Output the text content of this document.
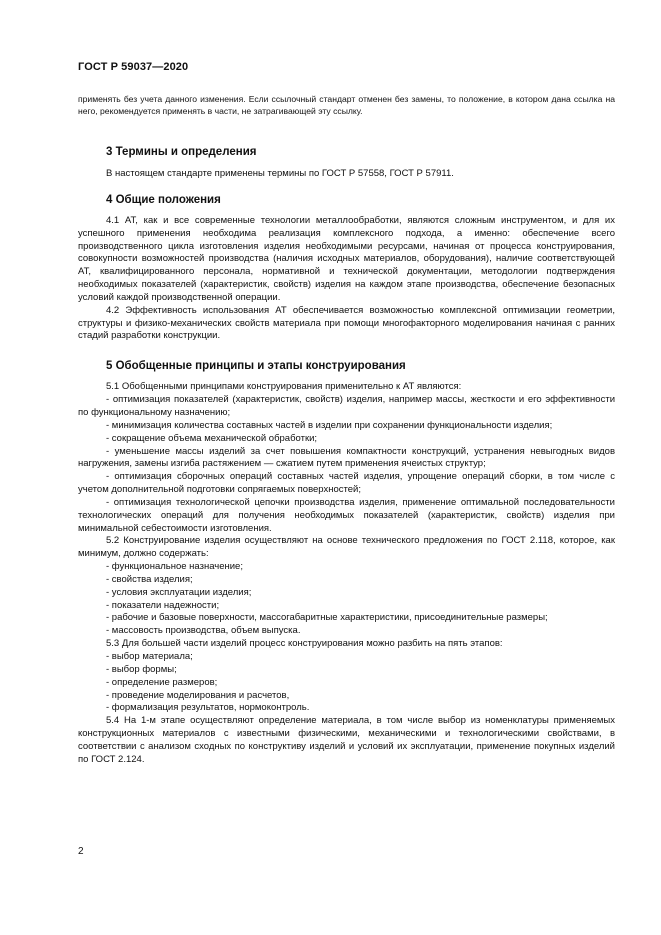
ГОСТ Р 59037—2020

применять без учета данного изменения. Если ссылочный стандарт отменен без замены, то положение, в котором дана ссылка на него, рекомендуется применять в части, не затрагивающей эту ссылку.

3 Термины и определения

В настоящем стандарте применены термины по ГОСТ Р 57558, ГОСТ Р 57911.

4 Общие положения

4.1 АТ, как и все современные технологии металлообработки, являются сложным инструментом, и для их успешного применения необходима реализация комплексного подхода, а именно: обеспечение всего производственного цикла изготовления изделия необходимыми ресурсами, начиная от процесса конструирования, совокупности возможностей производства (наличия исходных материалов, оборудования), наличие соответствующей АТ, квалифицированного персонала, нормативной и технической документации, методологии подтверждения необходимых показателей (характеристик, свойств) изделия на каждом этапе производства, обеспечение безопасных условий каждой производственной операции.

4.2 Эффективность использования АТ обеспечивается возможностью комплексной оптимизации геометрии, структуры и физико-механических свойств материала при помощи многофакторного моделирования начиная с ранних стадий разработки конструкции.

5 Обобщенные принципы и этапы конструирования

5.1 Обобщенными принципами конструирования применительно к АТ являются:

- оптимизация показателей (характеристик, свойств) изделия, например массы, жесткости и его эффективности по функциональному назначению;

- минимизация количества составных частей в изделии при сохранении функциональности изделия;

- сокращение объема механической обработки;

- уменьшение массы изделий за счет повышения компактности конструкций, устранения невыгодных видов нагружения, замены изгиба растяжением — сжатием путем применения ячеистых структур;

- оптимизация сборочных операций составных частей изделия, упрощение операций сборки, в том числе с учетом дополнительной подготовки сопрягаемых поверхностей;

- оптимизация технологической цепочки производства изделия, применение оптимальной последовательности технологических операций для получения необходимых показателей (характеристик, свойств) изделия при минимальной себестоимости изготовления.

5.2 Конструирование изделия осуществляют на основе технического предложения по ГОСТ 2.118, которое, как минимум, должно содержать:

- функциональное назначение;

- свойства изделия;

- условия эксплуатации изделия;

- показатели надежности;

- рабочие и базовые поверхности, массогабаритные характеристики, присоединительные размеры;

- массовость производства, объем выпуска.

5.3 Для большей части изделий процесс конструирования можно разбить на пять этапов:

- выбор материала;

- выбор формы;

- определение размеров;

- проведение моделирования и расчетов,

- формализация результатов, нормоконтроль.

5.4 На 1-м этапе осуществляют определение материала, в том числе выбор из номенклатуры применяемых конструкционных материалов с известными физическими, механическими и технологическими свойствами, в соответствии с анализом сходных по конструктиву изделий и условий их эксплуатации, применение покупных изделий по ГОСТ 2.124.

2
